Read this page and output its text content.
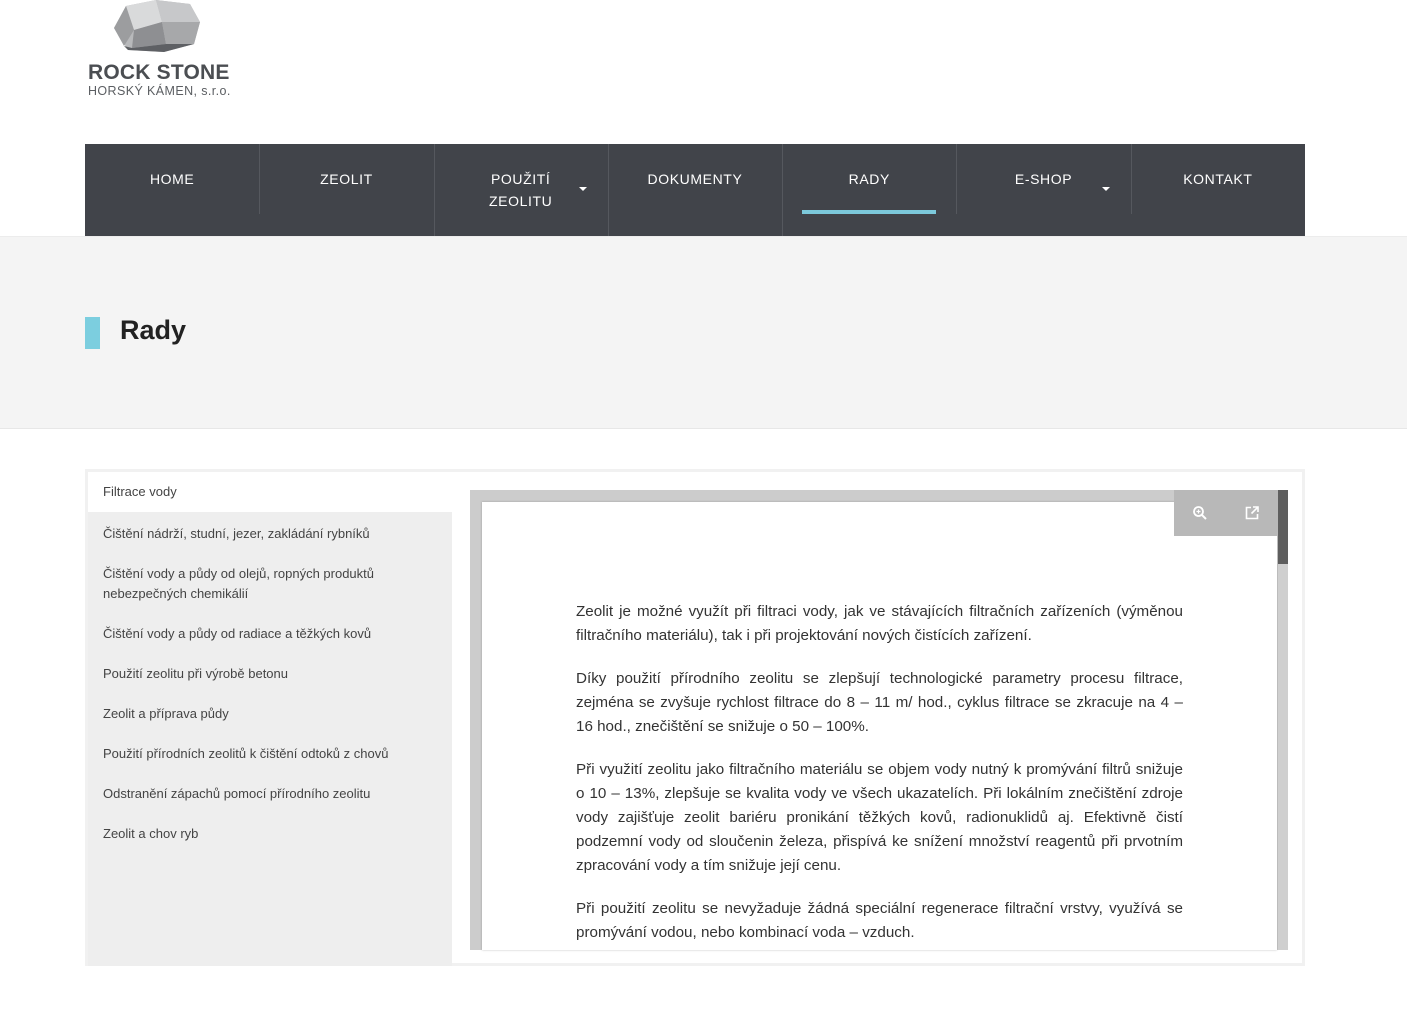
ROCK STONE
HORSKÝ KÁMEN, s.r.o.
HOME	ZEOLIT	POUŽITÍ
ZEOLITU
DOKUMENTY	RADY	E-SHOP	KONTAKT
Rady
Filtrace vody
Čištění nádrží, studní, jezer, zakládání rybníků
Čištění vody a půdy od olejů, ropných produktů nebezpečných chemikálií
Čištění vody a půdy od radiace a těžkých kovů
Použití zeolitu při výrobě betonu
Zeolit a příprava půdy
Použití přírodních zeolitů k čištění odtoků z chovů
Odstranění zápachů pomocí přírodního zeolitu
Zeolit a chov ryb

Zeolit je možné využít při filtraci vody, jak ve stávajících filtračních zařízeních (výměnou filtračního materiálu), tak i při projektování nových čistících zařízení.

Díky použití přírodního zeolitu se zlepšují technologické parametry procesu filtrace, zejména se zvyšuje rychlost filtrace do 8 – 11 m/ hod., cyklus filtrace se zkracuje na 4 – 16 hod., znečištění se snižuje o 50 – 100%.

Při využití zeolitu jako filtračního materiálu se objem vody nutný k promývání filtrů snižuje o 10 – 13%, zlepšuje se kvalita vody ve všech ukazatelích. Při lokálním znečištění zdroje vody zajišťuje zeolit bariéru pronikání těžkých kovů, radionuklidů aj. Efektivně čistí podzemní vody od sloučenin železa, přispívá ke snížení množství reagentů při prvotním zpracování vody a tím snižuje její cenu.

Při použití zeolitu se nevyžaduje žádná speciální regenerace filtrační vrstvy, využívá se promývání vodou, nebo kombinací voda – vzduch.
